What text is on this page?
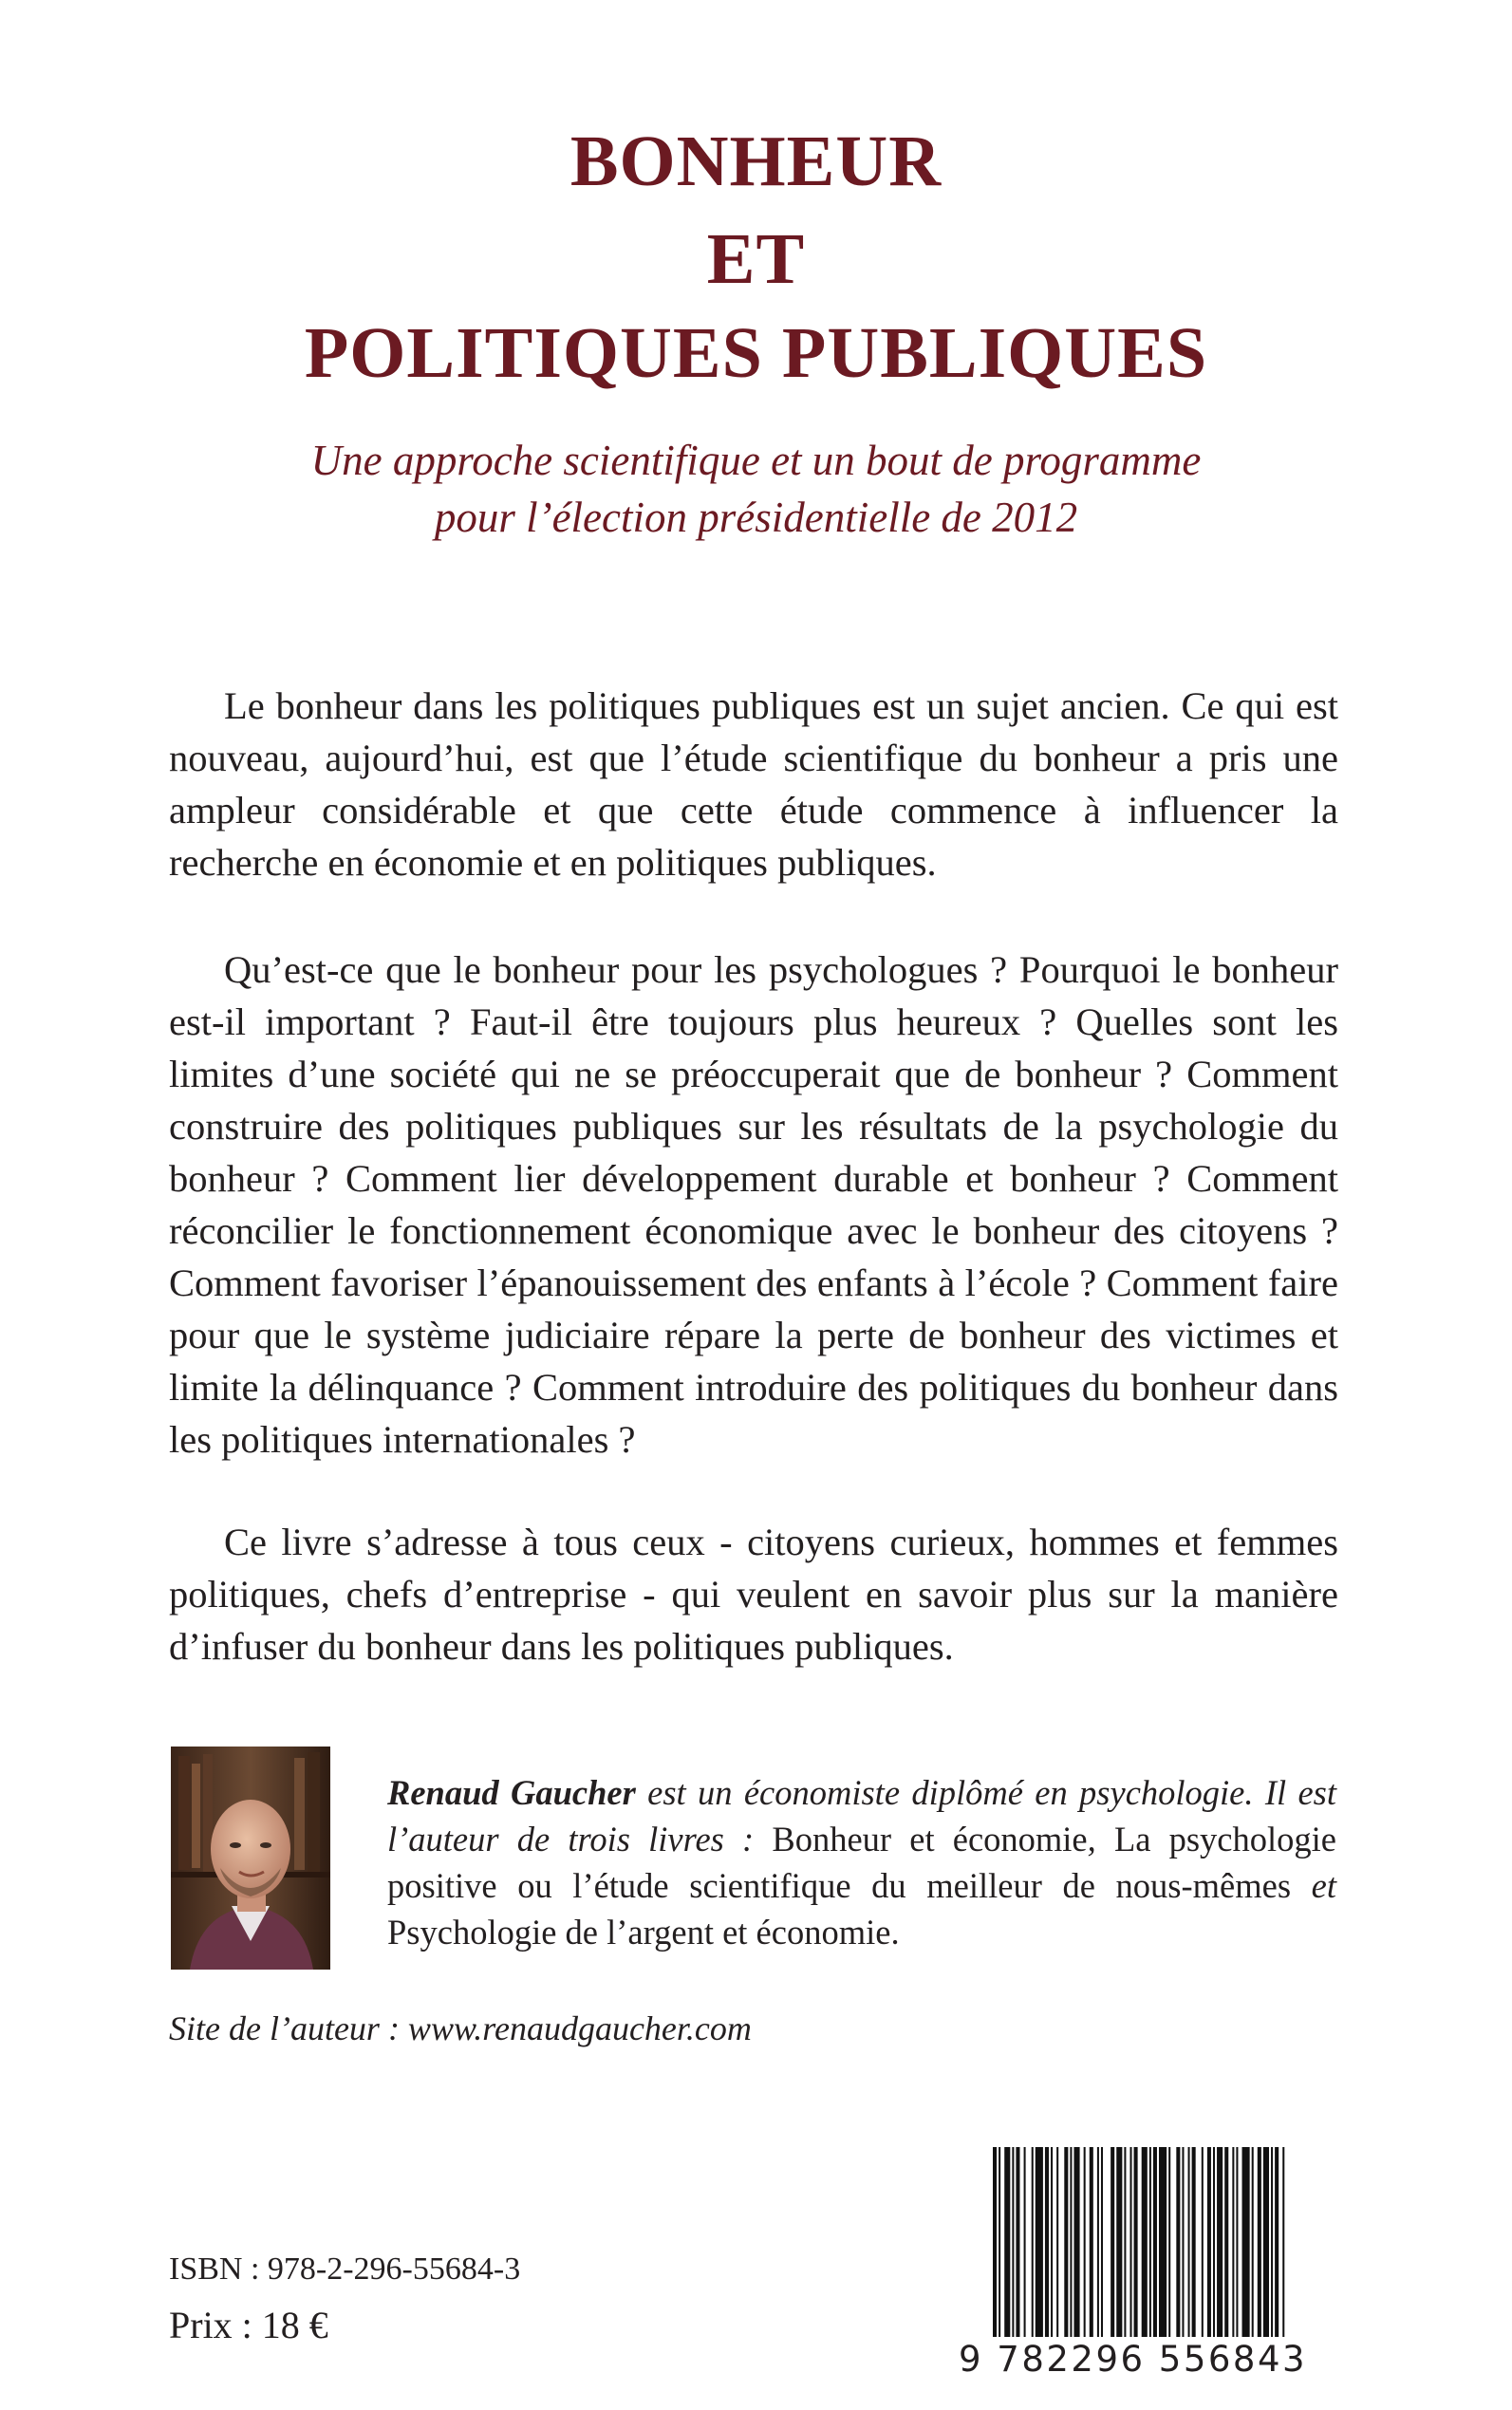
BONHEUR
ET
POLITIQUES PUBLIQUES

Une approche scientifique et un bout de programme

pour l’élection présidentielle de 2012

Le bonheur dans les politiques publiques est un sujet ancien. Ce qui est nouveau, aujourd’hui, est que l’étude scientifique du bonheur a pris une ampleur considérable et que cette étude commence à influencer la recherche en économie et en politiques publiques.

Qu’est-ce que le bonheur pour les psychologues ? Pourquoi le bonheur est-il important ? Faut-il être toujours plus heureux ? Quelles sont les limites d’une société qui ne se préoccuperait que de bonheur ? Comment construire des politiques publiques sur les résultats de la psychologie du bonheur ? Comment lier développement durable et bonheur ? Comment réconcilier le fonctionnement économique avec le bonheur des citoyens ? Comment favoriser l’épanouissement des enfants à l’école ? Comment faire pour que le système judiciaire répare la perte de bonheur des victimes et limite la délinquance ? Comment introduire des politiques du bonheur dans les politiques internationales ?

Ce livre s’adresse à tous ceux - citoyens curieux, hommes et femmes politiques, chefs d’entreprise - qui veulent en savoir plus sur la manière d’infuser du bonheur dans les politiques publiques.

Renaud Gaucher est un économiste diplômé en psychologie. Il est l’auteur de trois livres : Bonheur et économie, La psychologie positive ou l’étude scientifique du meilleur de nous-mêmes et Psychologie de l’argent et économie.

Site de l’auteur : www.renaudgaucher.com

ISBN : 978-2-296-55684-3

Prix : 18 €

9 782296 556843
